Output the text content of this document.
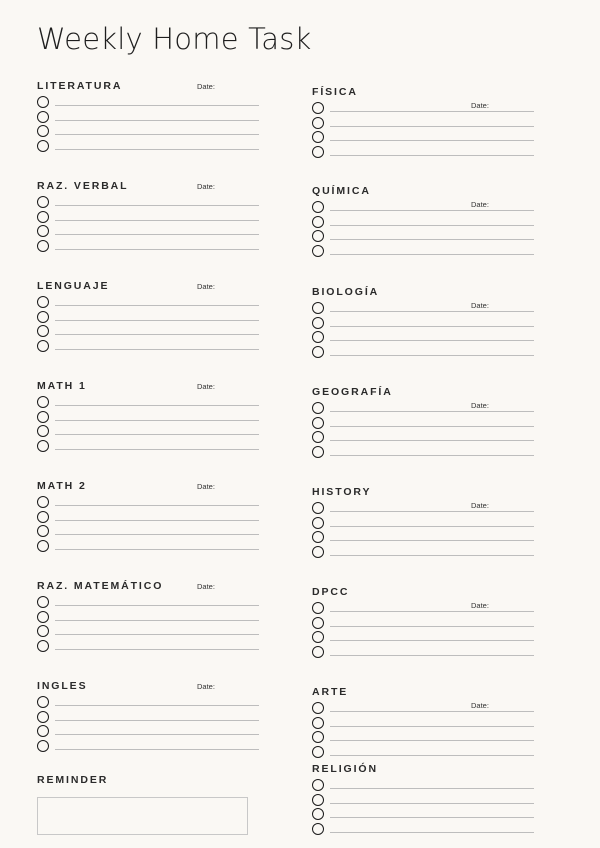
Weekly Home Task
LITERATURA	Date:
RAZ. VERBAL	Date:
LENGUAJE	Date:
MATH 1	Date:
MATH 2	Date:
RAZ. MATEMÁTICO	Date:
INGLES	Date:
FÍSICA
Date:
QUÍMICA
Date:
BIOLOGÍA
Date:
GEOGRAFÍA
Date:
HISTORY
Date:
DPCC
Date:
ARTE
Date:
RELIGIÓN
REMINDER
